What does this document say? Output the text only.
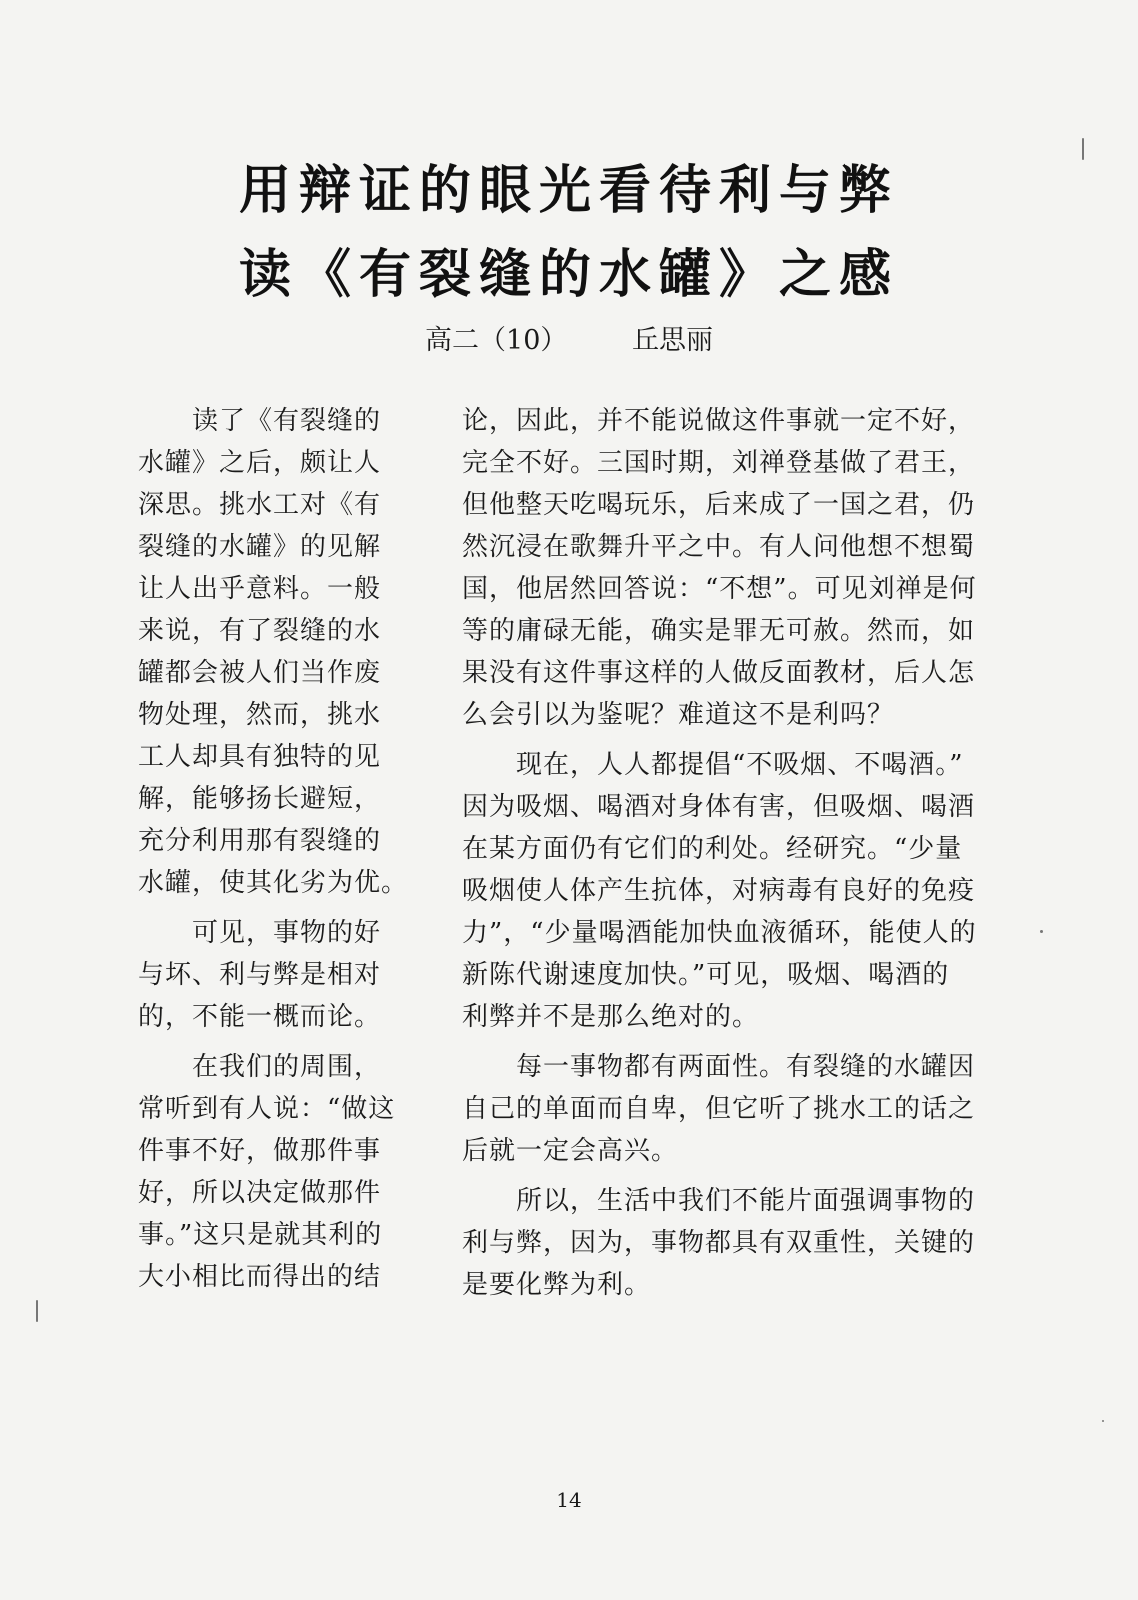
用辩证的眼光看待利与弊
读《有裂缝的水罐》之感
高二（10） 丘思丽
　　读了《有裂缝的
水罐》之后，颇让人
深思。挑水工对《有
裂缝的水罐》的见解
让人出乎意料。一般
来说，有了裂缝的水
罐都会被人们当作废
物处理，然而，挑水
工人却具有独特的见
解，能够扬长避短，
充分利用那有裂缝的
水罐，使其化劣为优。
　　可见，事物的好
与坏、利与弊是相对
的，不能一概而论。
　　在我们的周围，
常听到有人说：“做这
件事不好，做那件事
好，所以决定做那件
事。”这只是就其利的
大小相比而得出的结
论，因此，并不能说做这件事就一定不好，
完全不好。三国时期，刘禅登基做了君王，
但他整天吃喝玩乐，后来成了一国之君，仍
然沉浸在歌舞升平之中。有人问他想不想蜀
国，他居然回答说：“不想”。可见刘禅是何
等的庸碌无能，确实是罪无可赦。然而，如
果没有这件事这样的人做反面教材，后人怎
么会引以为鉴呢？难道这不是利吗？
　　现在，人人都提倡“不吸烟、不喝酒。”
因为吸烟、喝酒对身体有害，但吸烟、喝酒
在某方面仍有它们的利处。经研究。“少量
吸烟使人体产生抗体，对病毒有良好的免疫
力”，“少量喝酒能加快血液循环，能使人的
新陈代谢速度加快。”可见，吸烟、喝酒的
利弊并不是那么绝对的。
　　每一事物都有两面性。有裂缝的水罐因
自己的单面而自卑，但它听了挑水工的话之
后就一定会高兴。
　　所以，生活中我们不能片面强调事物的
利与弊，因为，事物都具有双重性，关键的
是要化弊为利。
14
